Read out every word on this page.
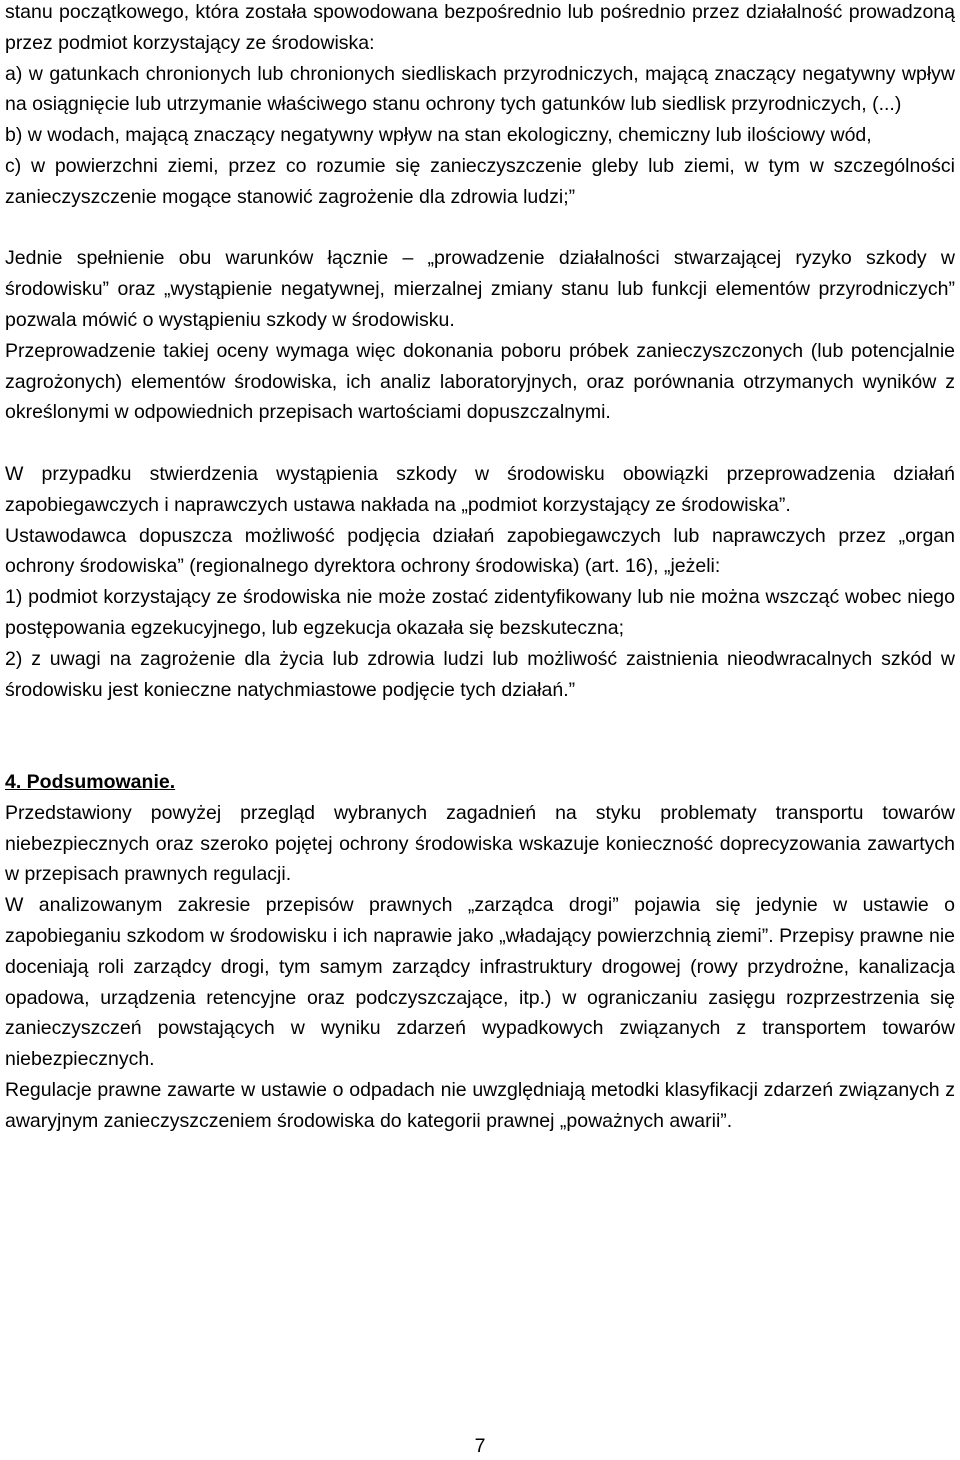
stanu początkowego, która została spowodowana bezpośrednio lub pośrednio przez działalność prowadzoną przez podmiot korzystający ze środowiska:

a) w gatunkach chronionych lub chronionych siedliskach przyrodniczych, mającą znaczący negatywny wpływ na osiągnięcie lub utrzymanie właściwego stanu ochrony tych gatunków lub siedlisk przyrodniczych, (...)

b) w wodach, mającą znaczący negatywny wpływ na stan ekologiczny, chemiczny lub ilościowy wód,

c) w powierzchni ziemi, przez co rozumie się zanieczyszczenie gleby lub ziemi, w tym w szczególności zanieczyszczenie mogące stanowić zagrożenie dla zdrowia ludzi;”

Jednie spełnienie obu warunków łącznie – „prowadzenie działalności stwarzającej ryzyko szkody w środowisku” oraz „wystąpienie negatywnej, mierzalnej zmiany stanu lub funkcji elementów przyrodniczych” pozwala mówić o wystąpieniu szkody w środowisku.

Przeprowadzenie takiej oceny wymaga więc dokonania poboru próbek zanieczyszczonych (lub potencjalnie zagrożonych) elementów środowiska, ich analiz laboratoryjnych, oraz porównania otrzymanych wyników z określonymi w odpowiednich przepisach wartościami dopuszczalnymi.

W przypadku stwierdzenia wystąpienia szkody w środowisku obowiązki przeprowadzenia działań zapobiegawczych i naprawczych ustawa nakłada na „podmiot korzystający ze środowiska”.

Ustawodawca dopuszcza możliwość podjęcia działań zapobiegawczych lub naprawczych przez „organ ochrony środowiska” (regionalnego dyrektora ochrony środowiska) (art. 16), „jeżeli:

1) podmiot korzystający ze środowiska nie może zostać zidentyfikowany lub nie można wszcząć wobec niego postępowania egzekucyjnego, lub egzekucja okazała się bezskuteczna;

2) z uwagi na zagrożenie dla życia lub zdrowia ludzi lub możliwość zaistnienia nieodwracalnych szkód w środowisku jest konieczne natychmiastowe podjęcie tych działań.”

4. Podsumowanie.

Przedstawiony powyżej przegląd wybranych zagadnień na styku problematy transportu towarów niebezpiecznych oraz szeroko pojętej ochrony środowiska wskazuje konieczność doprecyzowania zawartych w przepisach prawnych regulacji.

W analizowanym zakresie przepisów prawnych „zarządca drogi” pojawia się jedynie w ustawie o zapobieganiu szkodom w środowisku i ich naprawie jako „władający powierzchnią ziemi”. Przepisy prawne nie doceniają roli zarządcy drogi, tym samym zarządcy infrastruktury drogowej (rowy przydrożne, kanalizacja opadowa, urządzenia retencyjne oraz podczyszczające, itp.) w ograniczaniu zasięgu rozprzestrzenia się zanieczyszczeń powstających w wyniku zdarzeń wypadkowych związanych z transportem towarów niebezpiecznych.

Regulacje prawne zawarte w ustawie o odpadach nie uwzględniają metodki klasyfikacji zdarzeń związanych z awaryjnym zanieczyszczeniem środowiska do kategorii prawnej „poważnych awarii”.

7
